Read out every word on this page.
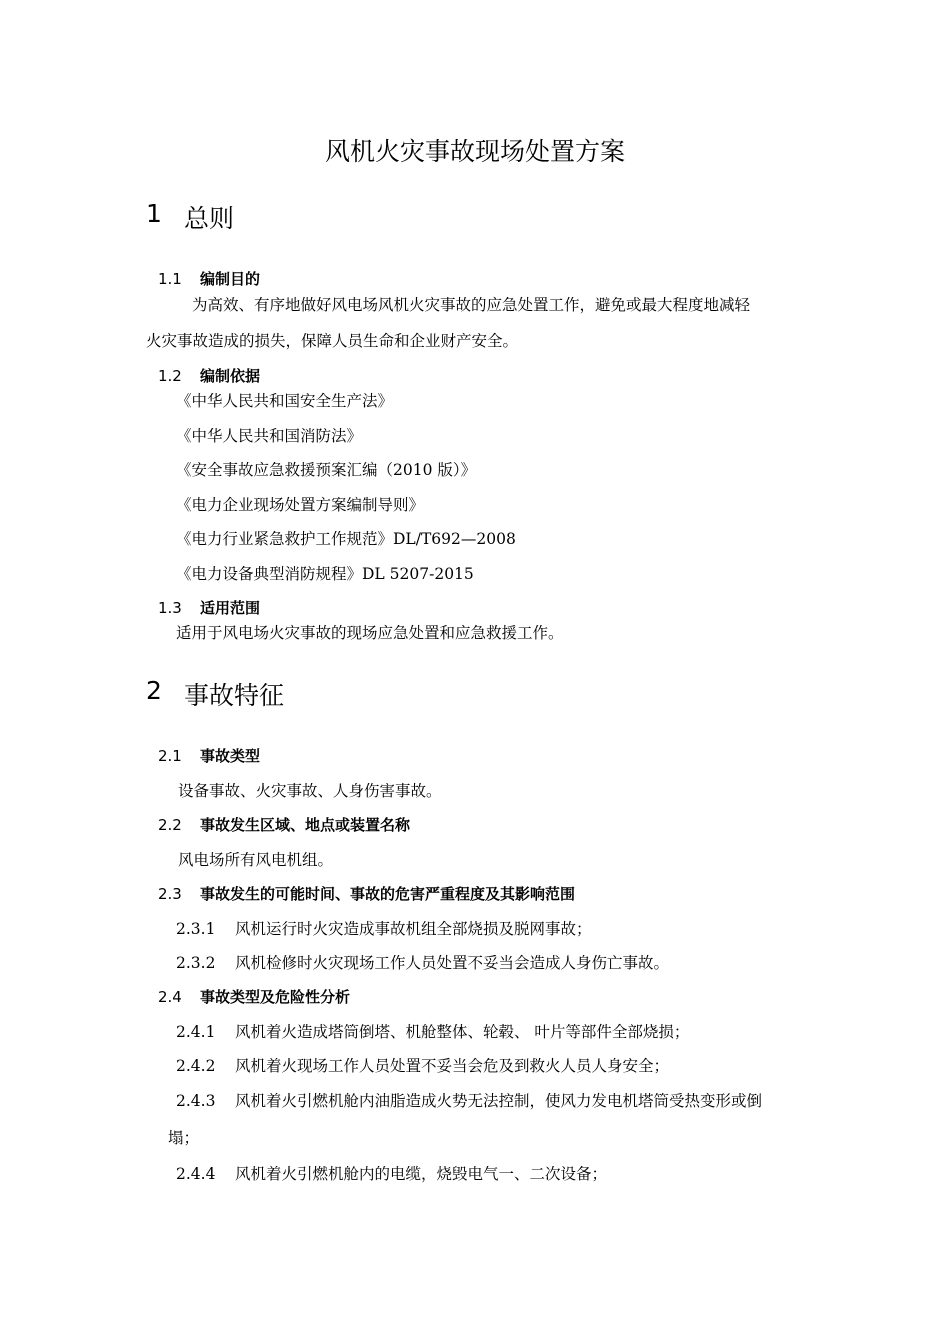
风机火灾事故现场处置方案
1 总则
1.1 编制目的
为高效、有序地做好风电场风机火灾事故的应急处置工作，避免或最大程度地减轻
火灾事故造成的损失，保障人员生命和企业财产安全。
1.2 编制依据
《中华人民共和国安全生产法》
《中华人民共和国消防法》
《安全事故应急救援预案汇编（2010 版）》
《电力企业现场处置方案编制导则》
《电力行业紧急救护工作规范》DL/T692—2008
《电力设备典型消防规程》DL 5207-2015
1.3 适用范围
适用于风电场火灾事故的现场应急处置和应急救援工作。
2 事故特征
2.1 事故类型
设备事故、火灾事故、人身伤害事故。
2.2 事故发生区域、地点或装置名称
风电场所有风电机组。
2.3 事故发生的可能时间、事故的危害严重程度及其影响范围
2.3.1 风机运行时火灾造成事故机组全部烧损及脱网事故；
2.3.2 风机检修时火灾现场工作人员处置不妥当会造成人身伤亡事故。
2.4 事故类型及危险性分析
2.4.1 风机着火造成塔筒倒塔、机舱整体、轮毂、 叶片等部件全部烧损；
2.4.2 风机着火现场工作人员处置不妥当会危及到救火人员人身安全；
2.4.3 风机着火引燃机舱内油脂造成火势无法控制，使风力发电机塔筒受热变形或倒
塌；
2.4.4 风机着火引燃机舱内的电缆，烧毁电气一、二次设备；
